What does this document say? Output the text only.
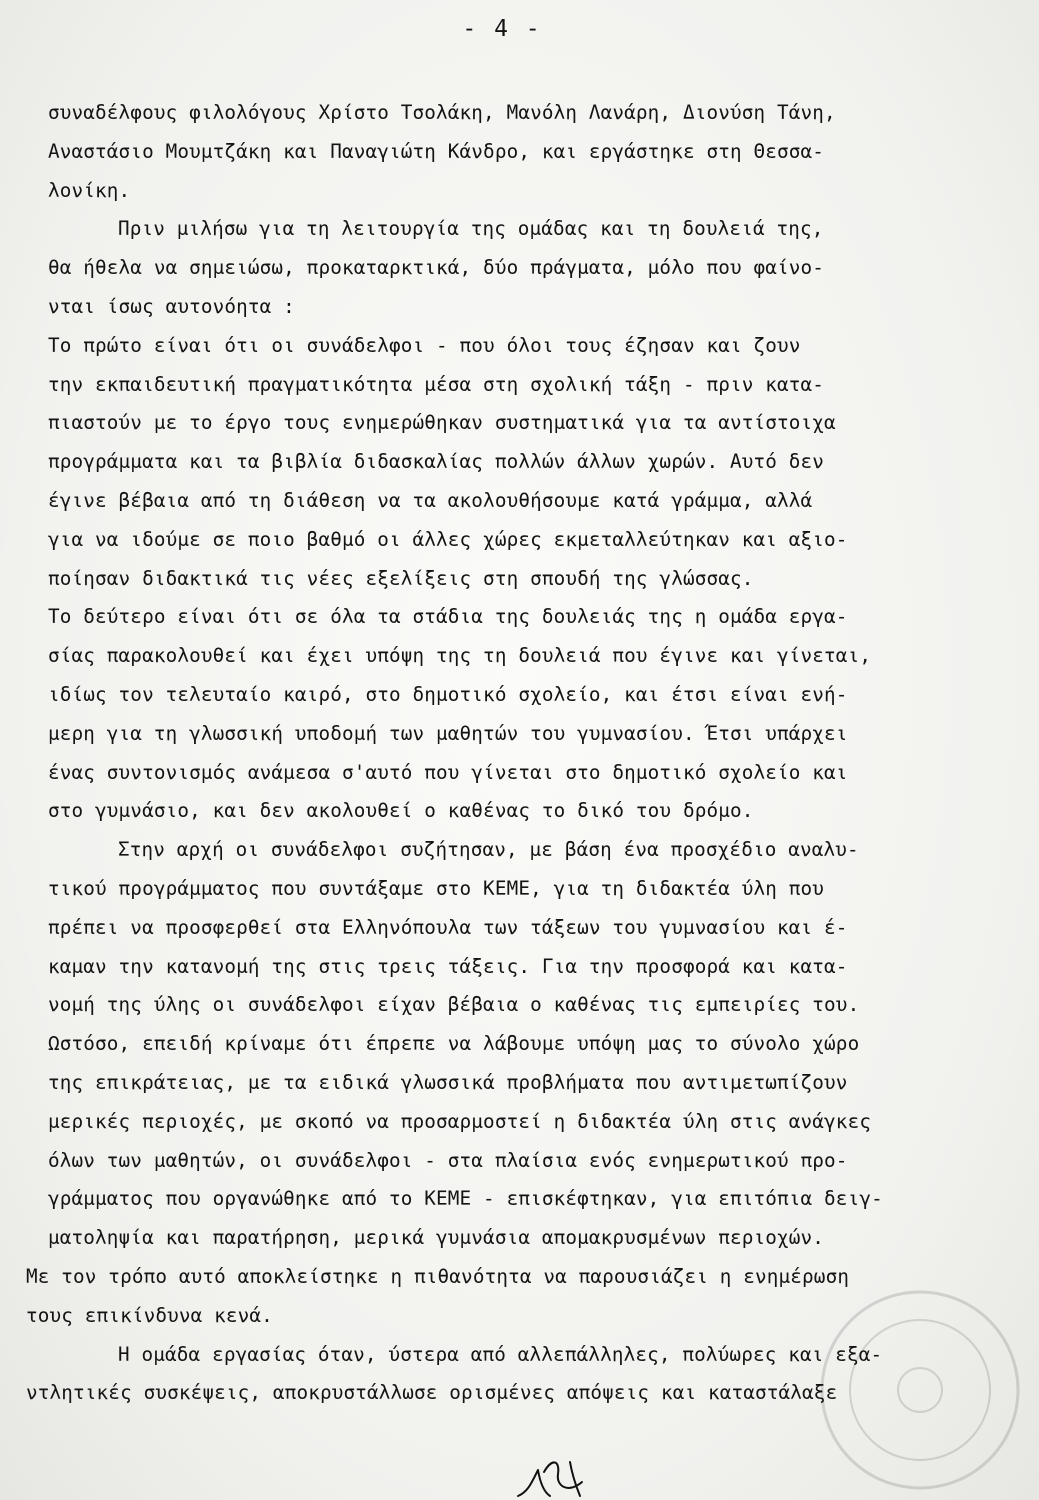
- 4 -
συναδέλφους φιλολόγους Χρίστο Τσολάκη, Μανόλη Λανάρη, Διονύση Τάνη,
Αναστάσιο Μουμτζάκη και Παναγιώτη Κάνδρο, και εργάστηκε στη Θεσσα-
λονίκη.
Πριν μιλήσω για τη λειτουργία της ομάδας και τη δουλειά της,
θα ήθελα να σημειώσω, προκαταρκτικά, δύο πράγματα, μόλο που φαίνο-
νται ίσως αυτονόητα :
Το πρώτο είναι ότι οι συνάδελφοι - που όλοι τους έζησαν και ζουν
την εκπαιδευτική πραγματικότητα μέσα στη σχολική τάξη - πριν κατα-
πιαστούν με το έργο τους ενημερώθηκαν συστηματικά για τα αντίστοιχα
προγράμματα και τα βιβλία διδασκαλίας πολλών άλλων χωρών. Αυτό δεν
έγινε βέβαια από τη διάθεση να τα ακολουθήσουμε κατά γράμμα, αλλά
για να ιδούμε σε ποιο βαθμό οι άλλες χώρες εκμεταλλεύτηκαν και αξιο-
ποίησαν διδακτικά τις νέες εξελίξεις στη σπουδή της γλώσσας.
Το δεύτερο είναι ότι σε όλα τα στάδια της δουλειάς της η ομάδα εργα-
σίας παρακολουθεί και έχει υπόψη της τη δουλειά που έγινε και γίνεται,
ιδίως τον τελευταίο καιρό, στο δημοτικό σχολείο, και έτσι είναι ενή-
μερη για τη γλωσσική υποδομή των μαθητών του γυμνασίου. Έτσι υπάρχει
ένας συντονισμός ανάμεσα σ'αυτό που γίνεται στο δημοτικό σχολείο και
στο γυμνάσιο, και δεν ακολουθεί ο καθένας το δικό του δρόμο.
Στην αρχή οι συνάδελφοι συζήτησαν, με βάση ένα προσχέδιο αναλυ-
τικού προγράμματος που συντάξαμε στο ΚΕΜΕ, για τη διδακτέα ύλη που
πρέπει να προσφερθεί στα Ελληνόπουλα των τάξεων του γυμνασίου και έ-
καμαν την κατανομή της στις τρεις τάξεις. Για την προσφορά και κατα-
νομή της ύλης οι συνάδελφοι είχαν βέβαια ο καθένας τις εμπειρίες του.
Ωστόσο, επειδή κρίναμε ότι έπρεπε να λάβουμε υπόψη μας το σύνολο χώρο
της επικράτειας, με τα ειδικά γλωσσικά προβλήματα που αντιμετωπίζουν
μερικές περιοχές, με σκοπό να προσαρμοστεί η διδακτέα ύλη στις ανάγκες
όλων των μαθητών, οι συνάδελφοι - στα πλαίσια ενός ενημερωτικού προ-
γράμματος που οργανώθηκε από το ΚΕΜΕ - επισκέφτηκαν, για επιτόπια δειγ-
ματοληψία και παρατήρηση, μερικά γυμνάσια απομακρυσμένων περιοχών.
Με τον τρόπο αυτό αποκλείστηκε η πιθανότητα να παρουσιάζει η ενημέρωση
τους επικίνδυνα κενά.
Η ομάδα εργασίας όταν, ύστερα από αλλεπάλληλες, πολύωρες και εξα-
ντλητικές συσκέψεις, αποκρυστάλλωσε ορισμένες απόψεις και καταστάλαξε
